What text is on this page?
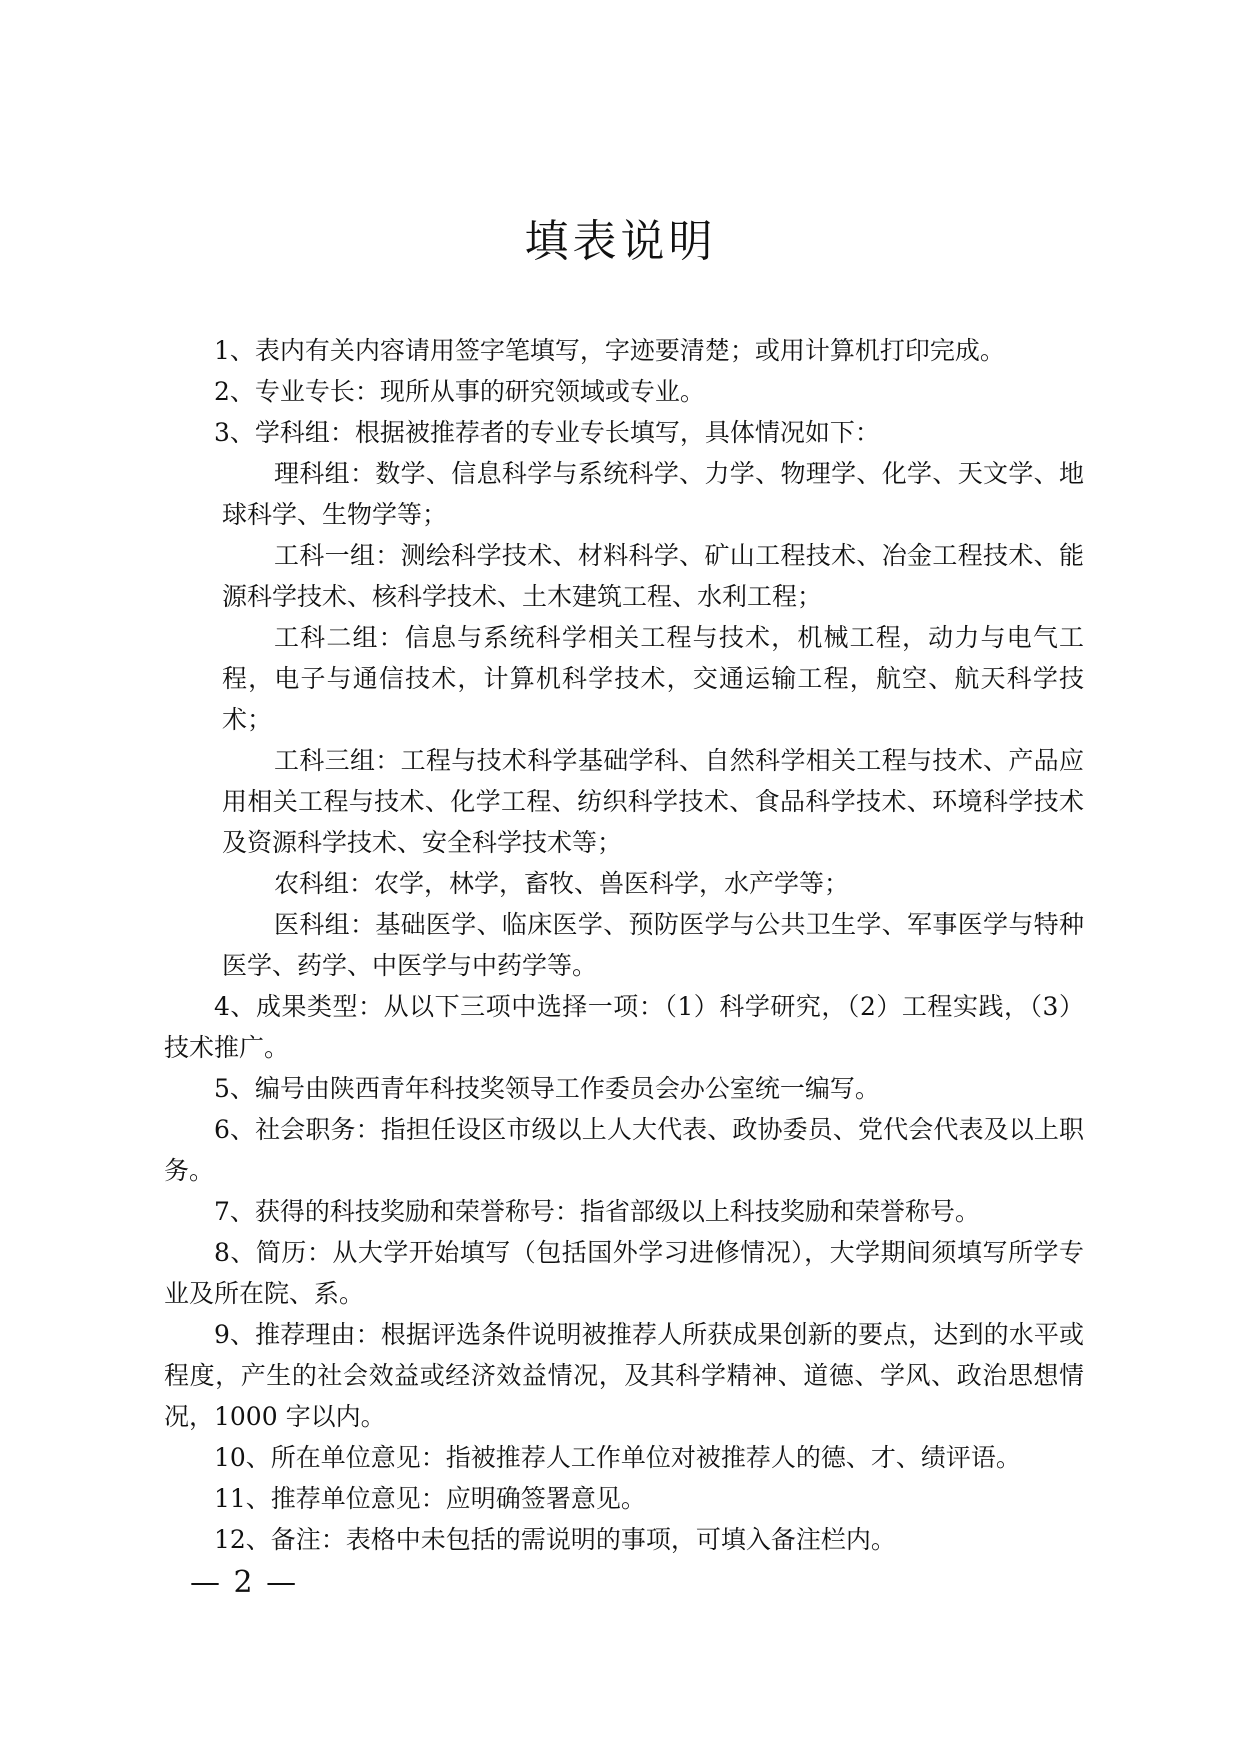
填表说明

1、表内有关内容请用签字笔填写，字迹要清楚；或用计算机打印完成。

2、专业专长：现所从事的研究领域或专业。

3、学科组：根据被推荐者的专业专长填写，具体情况如下：

理科组：数学、信息科学与系统科学、力学、物理学、化学、天文学、地球科学、生物学等；

工科一组：测绘科学技术、材料科学、矿山工程技术、冶金工程技术、能源科学技术、核科学技术、土木建筑工程、水利工程；

工科二组：信息与系统科学相关工程与技术，机械工程，动力与电气工程，电子与通信技术，计算机科学技术，交通运输工程，航空、航天科学技术；

工科三组：工程与技术科学基础学科、自然科学相关工程与技术、产品应用相关工程与技术、化学工程、纺织科学技术、食品科学技术、环境科学技术及资源科学技术、安全科学技术等；

农科组：农学，林学，畜牧、兽医科学，水产学等；

医科组：基础医学、临床医学、预防医学与公共卫生学、军事医学与特种医学、药学、中医学与中药学等。

4、成果类型：从以下三项中选择一项：（1）科学研究，（2）工程实践，（3）技术推广。

5、编号由陕西青年科技奖领导工作委员会办公室统一编写。

6、社会职务：指担任设区市级以上人大代表、政协委员、党代会代表及以上职务。

7、获得的科技奖励和荣誉称号：指省部级以上科技奖励和荣誉称号。

8、简历：从大学开始填写（包括国外学习进修情况），大学期间须填写所学专业及所在院、系。

9、推荐理由：根据评选条件说明被推荐人所获成果创新的要点，达到的水平或程度，产生的社会效益或经济效益情况，及其科学精神、道德、学风、政治思想情况，1000 字以内。

10、所在单位意见：指被推荐人工作单位对被推荐人的德、才、绩评语。

11、推荐单位意见：应明确签署意见。

12、备注：表格中未包括的需说明的事项，可填入备注栏内。

— 2 —
